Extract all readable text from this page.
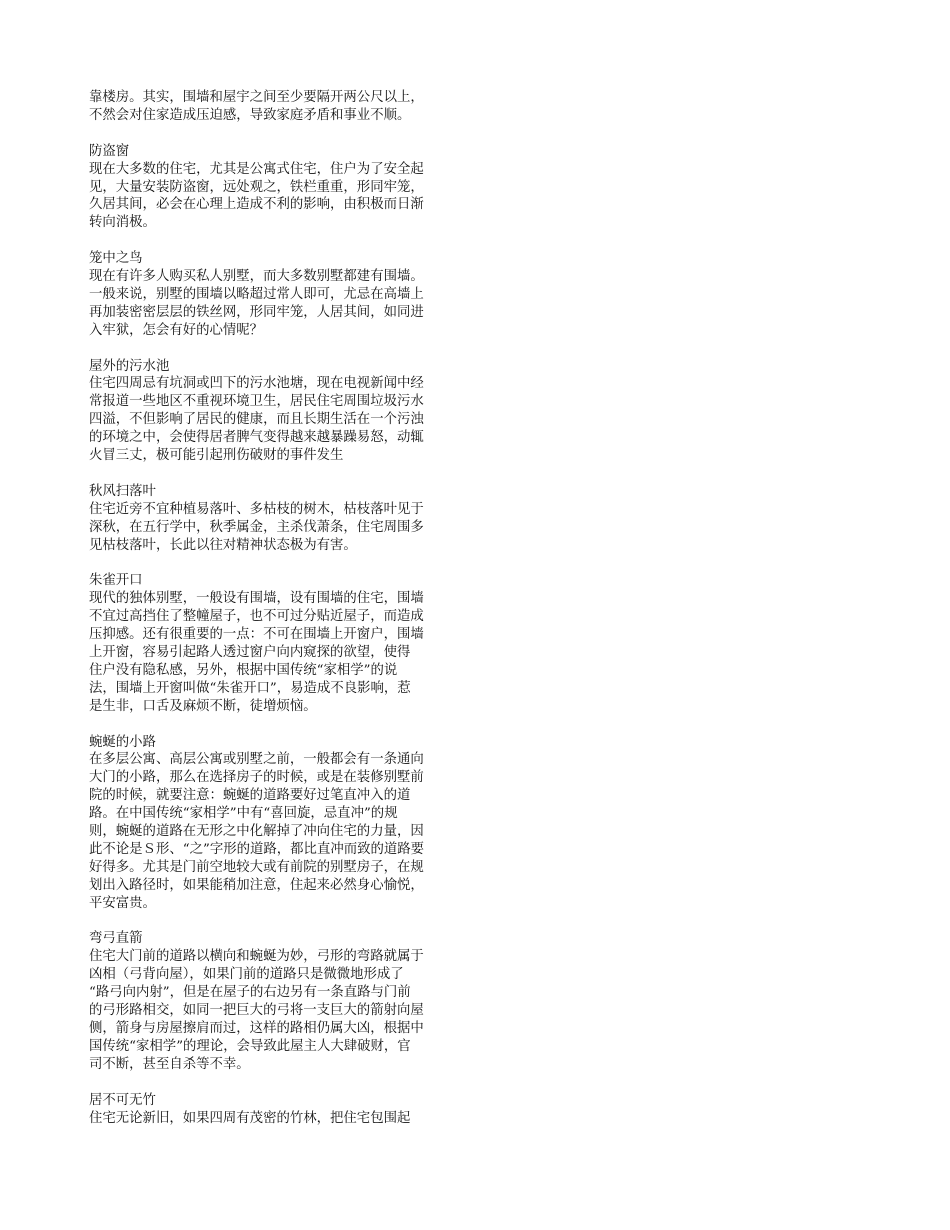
靠楼房。其实，围墙和屋宇之间至少要隔开两公尺以上，
不然会对住家造成压迫感，导致家庭矛盾和事业不顺。
防盗窗
现在大多数的住宅，尤其是公寓式住宅，住户为了安全起
见，大量安装防盗窗，远处观之，铁栏重重，形同牢笼，
久居其间，必会在心理上造成不利的影响，由积极而日渐
转向消极。
笼中之鸟
现在有许多人购买私人别墅，而大多数别墅都建有围墙。
一般来说，别墅的围墙以略超过常人即可，尤忌在高墙上
再加装密密层层的铁丝网，形同牢笼，人居其间，如同进
入牢狱，怎会有好的心情呢？
屋外的污水池
住宅四周忌有坑洞或凹下的污水池塘，现在电视新闻中经
常报道一些地区不重视环境卫生，居民住宅周围垃圾污水
四溢，不但影响了居民的健康，而且长期生活在一个污浊
的环境之中，会使得居者脾气变得越来越暴躁易怒，动辄
火冒三丈，极可能引起刑伤破财的事件发生
秋风扫落叶
住宅近旁不宜种植易落叶、多枯枝的树木，枯枝落叶见于
深秋，在五行学中，秋季属金，主杀伐萧条，住宅周围多
见枯枝落叶，长此以往对精神状态极为有害。
朱雀开口
现代的独体别墅，一般设有围墙，设有围墙的住宅，围墙
不宜过高挡住了整幢屋子，也不可过分贴近屋子，而造成
压抑感。还有很重要的一点：不可在围墙上开窗户，围墙
上开窗，容易引起路人透过窗户向内窥探的欲望，使得
住户没有隐私感，另外，根据中国传统“家相学”的说
法，围墙上开窗叫做“朱雀开口”，易造成不良影响，惹
是生非，口舌及麻烦不断，徒增烦恼。
蜿蜒的小路
在多层公寓、高层公寓或别墅之前，一般都会有一条通向
大门的小路，那么在选择房子的时候，或是在装修别墅前
院的时候，就要注意：蜿蜒的道路要好过笔直冲入的道
路。在中国传统“家相学”中有“喜回旋，忌直冲”的规
则，蜿蜒的道路在无形之中化解掉了冲向住宅的力量，因
此不论是Ｓ形、“之”字形的道路，都比直冲而致的道路要
好得多。尤其是门前空地较大或有前院的别墅房子，在规
划出入路径时，如果能稍加注意，住起来必然身心愉悦，
平安富贵。
弯弓直箭
住宅大门前的道路以横向和蜿蜒为妙，弓形的弯路就属于
凶相（弓背向屋），如果门前的道路只是微微地形成了
“路弓向内射”，但是在屋子的右边另有一条直路与门前
的弓形路相交，如同一把巨大的弓将一支巨大的箭射向屋
侧，箭身与房屋擦肩而过，这样的路相仍属大凶，根据中
国传统“家相学”的理论，会导致此屋主人大肆破财，官
司不断，甚至自杀等不幸。
居不可无竹
住宅无论新旧，如果四周有茂密的竹林，把住宅包围起
